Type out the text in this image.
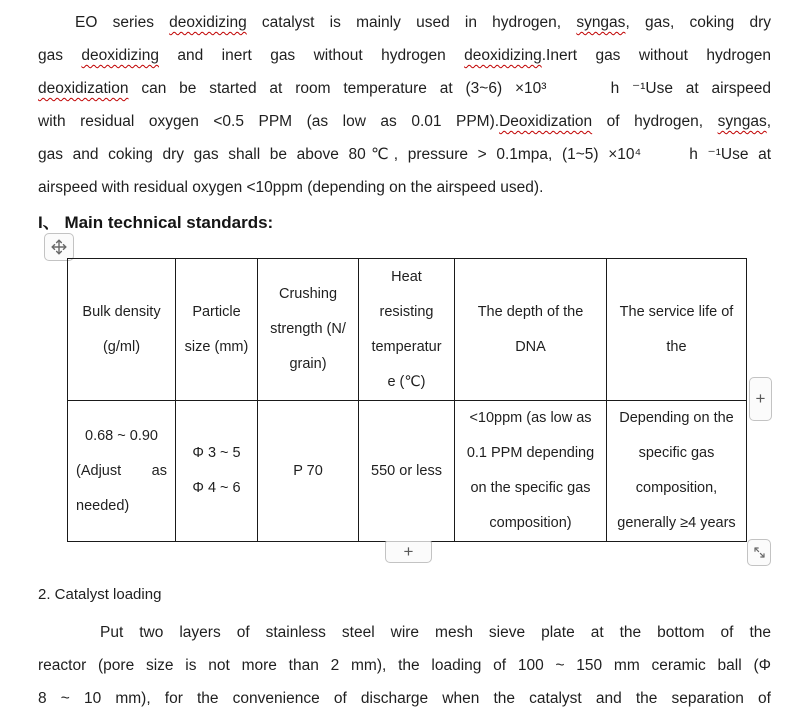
EO series deoxidizing catalyst is mainly used in hydrogen, syngas, gas, coking dry
gas deoxidizing and inert gas without hydrogen deoxidizing.Inert gas without hydrogen
deoxidization can be started at room temperature at (3~6) ×10³     h ⁻¹Use at airspeed
with residual oxygen <0.5 PPM (as low as 0.01 PPM).Deoxidization of hydrogen, syngas,
gas and coking dry gas shall be above 80℃, pressure > 0.1mpa, (1~5) ×10⁴     h ⁻¹Use at
airspeed with residual oxygen <10ppm (depending on the airspeed used).
I、 Main technical standards:
Bulk density
(g/ml)
Particle
size (mm)
Crushing
strength (N/
grain)
Heat
resisting
temperatur
e (℃)
The depth of the
DNA
The service life of
the
0.68 ~ 0.90
(Adjust as
needed)
Φ 3 ~ 5
Φ 4 ~ 6
P 70	550 or less
<10ppm (as low as
0.1 PPM depending
on the specific gas
composition)
Depending on the
specific gas
composition,
generally ≥4 years
+
+
2. Catalyst loading
Put two layers of stainless steel wire mesh sieve plate at the bottom of the
reactor (pore size is not more than 2 mm), the loading of 100 ~ 150 mm ceramic ball (Φ
8 ~ 10 mm), for the convenience of discharge when the catalyst and the separation of
